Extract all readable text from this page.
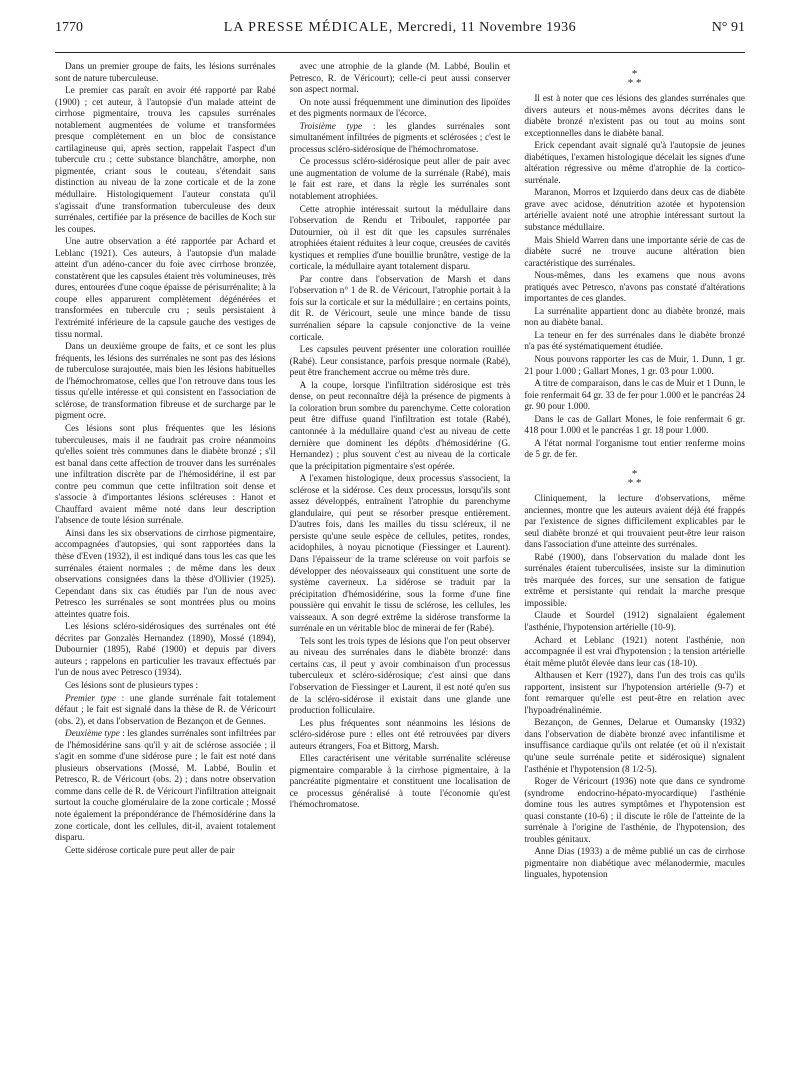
1770	LA PRESSE MÉDICALE, Mercredi, 11 Novembre 1936	N° 91

Dans un premier groupe de faits, les lésions surrénales sont de nature tuberculeuse.

Le premier cas paraît en avoir été rapporté par Rabé (1900) ; cet auteur, à l'autopsie d'un malade atteint de cirrhose pigmentaire, trouva les capsules surrénales notablement augmentées de volume et transformées presque complètement en un bloc de consistance cartilagineuse qui, après section, rappelait l'aspect d'un tubercule cru ; cette substance blanchâtre, amorphe, non pigmentée, criant sous le couteau, s'étendait sans distinction au niveau de la zone corticale et de la zone médullaire. Histologiquement l'auteur constata qu'il s'agissait d'une transformation tuberculeuse des deux surrénales, certifiée par la présence de bacilles de Koch sur les coupes.

Une autre observation a été rapportée par Achard et Leblanc (1921). Ces auteurs, à l'autopsie d'un malade atteint d'un adéno-cancer du foie avec cirrhose bronzée, constatèrent que les capsules étaient très volumineuses, très dures, entourées d'une coque épaisse de périsurrénalite; à la coupe elles apparurent complètement dégénérées et transformées en tubercule cru ; seuls persistaient à l'extrémité inférieure de la capsule gauche des vestiges de tissu normal.

Dans un deuxième groupe de faits, et ce sont les plus fréquents, les lésions des surrénales ne sont pas des lésions de tuberculose surajoutée, mais bien les lésions habituelles de l'hémochromatose, celles que l'on retrouve dans tous les tissus qu'elle intéresse et qui consistent en l'association de sclérose, de transformation fibreuse et de surcharge par le pigment ocre.

Ces lésions sont plus fréquentes que les lésions tuberculeuses, mais il ne faudrait pas croire néanmoins qu'elles soient très communes dans le diabète bronzé ; s'il est banal dans cette affection de trouver dans les surrénales une infiltration discrète par de l'hémosidérine, il est par contre peu commun que cette infiltration soit dense et s'associe à d'importantes lésions scléreuses : Hanot et Chauffard avaient même noté dans leur description l'absence de toute lésion surrénale.

Ainsi dans les six observations de cirrhose pigmentaire, accompagnées d'autopsies, qui sont rapportées dans la thèse d'Even (1932), il est indiqué dans tous les cas que les surrénales étaient normales ; de même dans les deux observations consignées dans la thèse d'Ollivier (1925). Cependant dans six cas étudiés par l'un de nous avec Petresco les surrénales se sont montrées plus ou moins atteintes quatre fois.

Les lésions scléro-sidérosiques des surrénales ont été décrites par Gonzalès Hernandez (1890), Mossé (1894), Dubournier (1895), Rabé (1900) et depuis par divers auteurs ; rappelons en particulier les travaux effectués par l'un de nous avec Petresco (1934).

Ces lésions sont de plusieurs types :

Premier type : une glande surrénale fait totalement défaut ; le fait est signalé dans la thèse de R. de Véricourt (obs. 2), et dans l'observation de Bezançon et de Gennes.

Deuxième type : les glandes surrénales sont infiltrées par de l'hémosidérine sans qu'il y ait de sclérose associée ; il s'agit en somme d'une sidérose pure ; le fait est noté dans plusieurs observations (Mossé, M. Labbé, Boulin et Petresco, R. de Véricourt (obs. 2) ; dans notre observation comme dans celle de R. de Véricourt l'infiltration atteignait surtout la couche glomérulaire de la zone corticale ; Mossé note également la prépondérance de l'hémosidérine dans la zone corticale, dont les cellules, dit-il, avaient totalement disparu.

Cette sidérose corticale pure peut aller de pair

avec une atrophie de la glande (M. Labbé, Boulin et Petresco, R. de Véricourt); celle-ci peut aussi conserver son aspect normal.

On note aussi fréquemment une diminution des lipoïdes et des pigments normaux de l'écorce.

Troisième type : les glandes surrénales sont simultanément infiltrées de pigments et sclérosées ; c'est le processus scléro-sidérosique de l'hémochromatose.

Ce processus scléro-sidérosique peut aller de pair avec une augmentation de volume de la surrénale (Rabé), mais le fait est rare, et dans la règle les surrénales sont notablement atrophiées.

Cette atrophie intéressait surtout la médullaire dans l'observation de Rendu et Triboulet, rapportée par Dutournier, où il est dit que les capsules surrénales atrophiées étaient réduites à leur coque, creusées de cavités kystiques et remplies d'une bouillie brunâtre, vestige de la corticale, la médullaire ayant totalement disparu.

Par contre dans l'observation de Marsh et dans l'observation n° 1 de R. de Véricourt, l'atrophie portait à la fois sur la corticale et sur la médullaire ; en certains points, dit R. de Véricourt, seule une mince bande de tissu surrénalien sépare la capsule conjonctive de la veine corticale.

Les capsules peuvent présenter une coloration rouillée (Rabé). Leur consistance, parfois presque normale (Rabé), peut être franchement accrue ou même très dure.

A la coupe, lorsque l'infiltration sidérosique est très dense, on peut reconnaître déjà la présence de pigments à la coloration brun sombre du parenchyme. Cette coloration peut être diffuse quand l'infiltration est totale (Rabé), cantonnée à la médullaire quand c'est au niveau de cette dernière que dominent les dépôts d'hémosidérine (G. Hernandez) ; plus souvent c'est au niveau de la corticale que la précipitation pigmentaire s'est opérée.

A l'examen histologique, deux processus s'associent, la sclérose et la sidérose. Ces deux processus, lorsqu'ils sont assez développés, entraînent l'atrophie du parenchyme glandulaire, qui peut se résorber presque entièrement. D'autres fois, dans les mailles du tissu scléreux, il ne persiste qu'une seule espèce de cellules, petites, rondes, acidophiles, à noyau picnotique (Fiessinger et Laurent). Dans l'épaisseur de la trame scléreuse on voit parfois se développer des néovaisseaux qui constituent une sorte de système caverneux. La sidérose se traduit par la précipitation d'hémosidérine, sous la forme d'une fine poussière qui envahit le tissu de sclérose, les cellules, les vaisseaux. A son degré extrême la sidérose transforme la surrénale en un véritable bloc de minerai de fer (Rabé).

Tels sont les trois types de lésions que l'on peut observer au niveau des surrénales dans le diabète bronzé: dans certains cas, il peut y avoir combinaison d'un processus tuberculeux et scléro-sidérosique; c'est ainsi que dans l'observation de Fiessinger et Laurent, il est noté qu'en sus de la scléro-sidérose il existait dans une glande une production folliculaire.

Les plus fréquentes sont néanmoins les lésions de scléro-sidérose pure : elles ont été retrouvées par divers auteurs étrangers, Foa et Bittorg, Marsh.

Elles caractérisent une véritable surrénalite scléreuse pigmentaire comparable à la cirrhose pigmentaire, à la pancréatite pigmentaire et constituent une localisation de ce processus généralisé à toute l'économie qu'est l'hémochromatose.

*
* *

Il est à noter que ces lésions des glandes surrénales que divers auteurs et nous-mêmes avons décrites dans le diabète bronzé n'existent pas ou tout au moins sont exceptionnelles dans le diabète banal.

Erick cependant avait signalé qu'à l'autopsie de jeunes diabétiques, l'examen histologique décelait les signes d'une altération régressive ou même d'atrophie de la cortico-surrénale.

Maranon, Morros et Izquierdo dans deux cas de diabète grave avec acidose, dénutrition azotée et hypotension artérielle avaient noté une atrophie intéressant surtout la substance médullaire.

Mais Shield Warren dans une importante série de cas de diabète sucré ne trouve aucune altération bien caractéristique des surrénales.

Nous-mêmes, dans les examens que nous avons pratiqués avec Petresco, n'avons pas constaté d'altérations importantes de ces glandes.

La surrénalite appartient donc au diabète bronzé, mais non au diabète banal.

La teneur en fer des surrénales dans le diabète bronzé n'a pas été systématiquement étudiée.

Nous pouvons rapporter les cas de Muir, 1. Dunn, 1 gr. 21 pour 1.000 ; Gallart Mones, 1 gr. 03 pour 1.000.

A titre de comparaison, dans le cas de Muir et 1 Dunn, le foie renfermait 64 gr. 33 de fer pour 1.000 et le pancréas 24 gr. 90 pour 1.000.

Dans le cas de Gallart Mones, le foie renfermait 6 gr. 418 pour 1.000 et le pancréas 1 gr. 18 pour 1.000.

A l'état normal l'organisme tout entier renferme moins de 5 gr. de fer.

*
* *

Cliniquement, la lecture d'observations, même anciennes, montre que les auteurs avaient déjà été frappés par l'existence de signes difficilement explicables par le seul diabète bronzé et qui trouvaient peut-être leur raison dans l'association d'une atteinte des surrénales.

Rabé (1900), dans l'observation du malade dont les surrénales étaient tuberculisées, insiste sur la diminution très marquée des forces, sur une sensation de fatigue extrême et persistante qui rendait la marche presque impossible.

Claude et Sourdel (1912) signalaient également l'asthénie, l'hypotension artérielle (10-9).

Achard et Leblanc (1921) notent l'asthénie, non accompagnée il est vrai d'hypotension ; la tension artérielle était même plutôt élevée dans leur cas (18-10).

Althausen et Kerr (1927), dans l'un des trois cas qu'ils rapportent, insistent sur l'hypotension artérielle (9-7) et font remarquer qu'elle est peut-être en relation avec l'hypoadrénalinémie.

Bezançon, de Gennes, Delarue et Oumansky (1932) dans l'observation de diabète bronzé avec infantilisme et insuffisance cardiaque qu'ils ont relatée (et où il n'existait qu'une seule surrénale petite et sidérosique) signalent l'asthénie et l'hypotension (8 1/2-5).

Roger de Véricourt (1936) note que dans ce syndrome (syndrome endocrino-hépato-myocardique) l'asthénie domine tous les autres symptômes et l'hypotension est quasi constante (10-6) ; il discute le rôle de l'atteinte de la surrénale à l'origine de l'asthénie, de l'hypotension, des troubles génitaux.

Anne Dias (1933) a de même publié un cas de cirrhose pigmentaire non diabétique avec mélanodermie, macules linguales, hypotension
